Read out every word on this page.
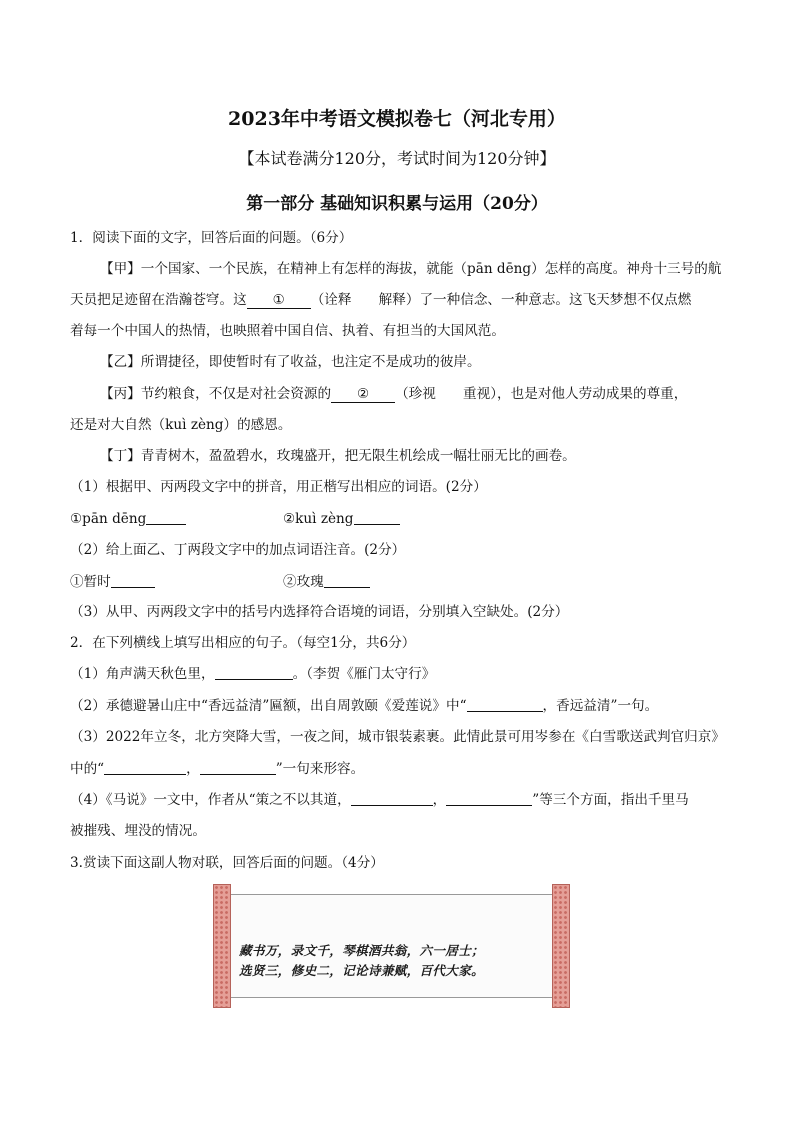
2023年中考语文模拟卷七（河北专用）
【本试卷满分120分，考试时间为120分钟】
第一部分 基础知识积累与运用（20分）
1．阅读下面的文字，回答后面的问题。（6分）
【甲】一个国家、一个民族，在精神上有怎样的海拔，就能（pān dēng）怎样的高度。神舟十三号的航
天员把足迹留在浩瀚苍穹。这 ① （诠释　　解释）了一种信念、一种意志。这飞天梦想不仅点燃
着每一个中国人的热情，也映照着中国自信、执着、有担当的大国风范。
【乙】所谓捷径，即使暂时有了收益，也注定不是成功的彼岸。
【丙】节约粮食，不仅是对社会资源的 ② （珍视　　重视），也是对他人劳动成果的尊重，
还是对大自然（kuì zèng）的感恩。
【丁】青青树木，盈盈碧水，玫瑰盛开，把无限生机绘成一幅壮丽无比的画卷。
（1）根据甲、丙两段文字中的拼音，用正楷写出相应的词语。(2分）
①pān dēng	②kuì zèng
（2）给上面乙、丁两段文字中的加点词语注音。(2分）
①暂时	②玫瑰
（3）从甲、丙两段文字中的括号内选择符合语境的词语，分别填入空缺处。(2分）
2．在下列横线上填写出相应的句子。（每空1分，共6分）
（1）角声满天秋色里，	。（李贺《雁门太守行》
（2）承德避暑山庄中“香远益清”匾额，出自周敦颐《爱莲说》中“	，香远益清”一句。
（3）2022年立冬，北方突降大雪，一夜之间，城市银装素裹。此情此景可用岑参在《白雪歌送武判官归京》
中的“	，	”一句来形容。
（4）《马说》一文中，作者从“策之不以其道，	，	”等三个方面，指出千里马
被摧残、埋没的情况。
3.赏读下面这副人物对联，回答后面的问题。（4分）
藏书万，录文千，琴棋酒共翁，六一居士；
选贤三，修史二，记论诗兼赋，百代大家。
